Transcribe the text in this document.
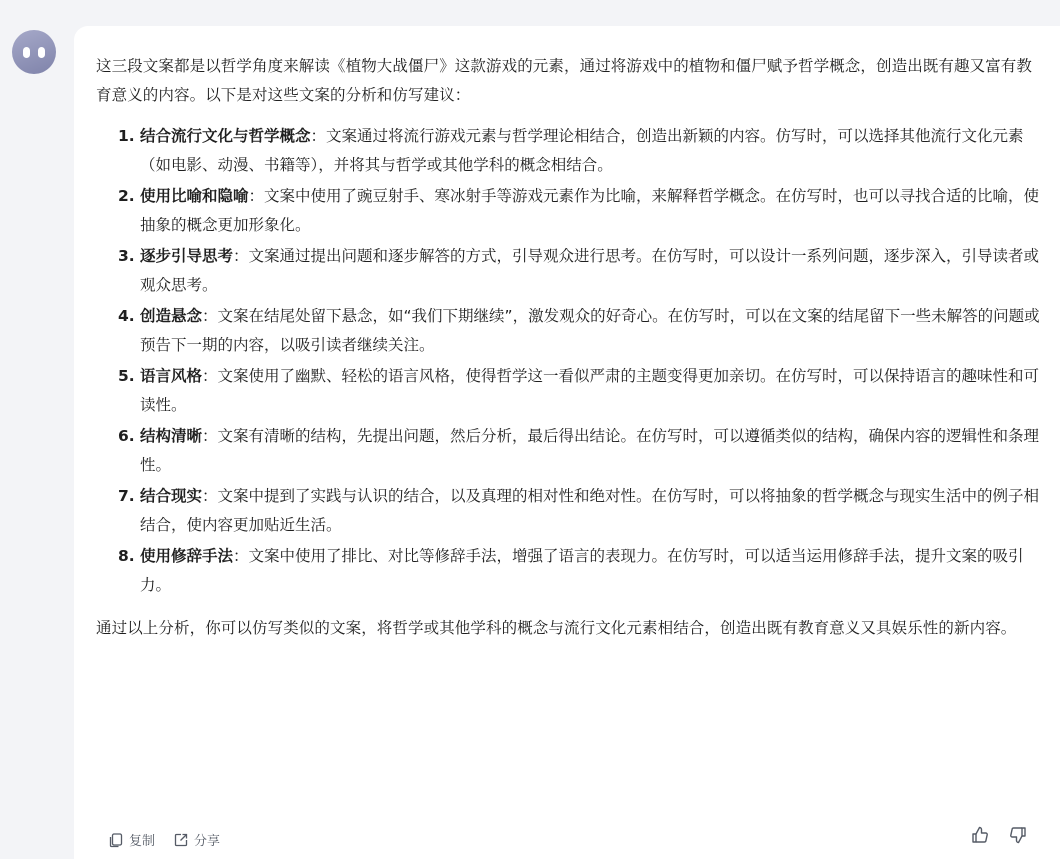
这三段文案都是以哲学角度来解读《植物大战僵尸》这款游戏的元素，通过将游戏中的植物和僵尸赋予哲学概念，创造出既有趣又富有教育意义的内容。以下是对这些文案的分析和仿写建议：

1. 结合流行文化与哲学概念：文案通过将流行游戏元素与哲学理论相结合，创造出新颖的内容。仿写时，可以选择其他流行文化元素（如电影、动漫、书籍等），并将其与哲学或其他学科的概念相结合。
2. 使用比喻和隐喻：文案中使用了豌豆射手、寒冰射手等游戏元素作为比喻，来解释哲学概念。在仿写时，也可以寻找合适的比喻，使抽象的概念更加形象化。
3. 逐步引导思考：文案通过提出问题和逐步解答的方式，引导观众进行思考。在仿写时，可以设计一系列问题，逐步深入，引导读者或观众思考。
4. 创造悬念：文案在结尾处留下悬念，如“我们下期继续”，激发观众的好奇心。在仿写时，可以在文案的结尾留下一些未解答的问题或预告下一期的内容，以吸引读者继续关注。
5. 语言风格：文案使用了幽默、轻松的语言风格，使得哲学这一看似严肃的主题变得更加亲切。在仿写时，可以保持语言的趣味性和可读性。
6. 结构清晰：文案有清晰的结构，先提出问题，然后分析，最后得出结论。在仿写时，可以遵循类似的结构，确保内容的逻辑性和条理性。
7. 结合现实：文案中提到了实践与认识的结合，以及真理的相对性和绝对性。在仿写时，可以将抽象的哲学概念与现实生活中的例子相结合，使内容更加贴近生活。
8. 使用修辞手法：文案中使用了排比、对比等修辞手法，增强了语言的表现力。在仿写时，可以适当运用修辞手法，提升文案的吸引力。

通过以上分析，你可以仿写类似的文案，将哲学或其他学科的概念与流行文化元素相结合，创造出既有教育意义又具娱乐性的新内容。

复制	分享
